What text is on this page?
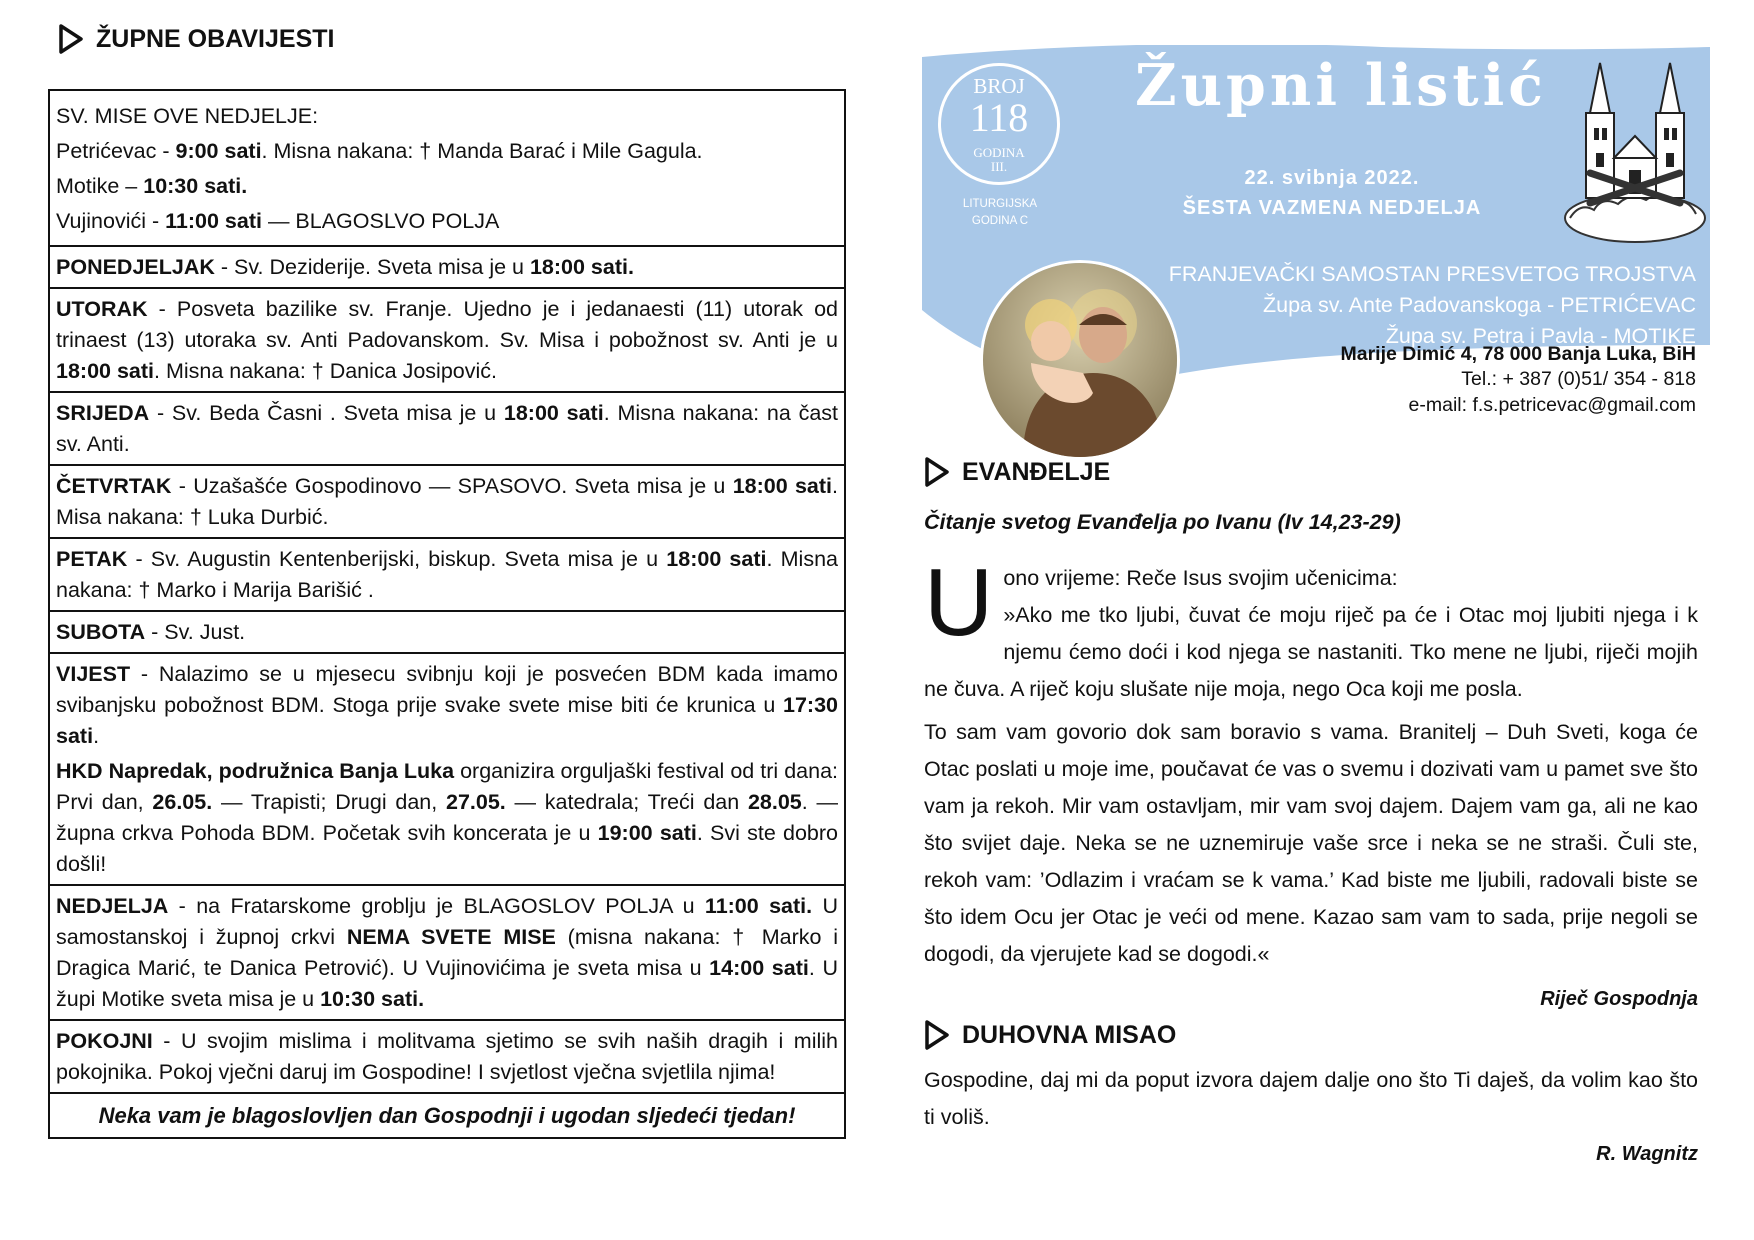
ŽUPNE OBAVIJESTI
SV. MISE OVE NEDJELJE:
Petrićevac - 9:00 sati. Misna nakana: † Manda Barać i Mile Gagula.
Motike – 10:30 sati.
Vujinovići - 11:00 sati — BLAGOSLVO POLJA
PONEDJELJAK - Sv. Deziderije. Sveta misa je u 18:00 sati.
UTORAK - Posveta bazilike sv. Franje. Ujedno je i jedanaesti (11) utorak od trinaest (13) utoraka sv. Anti Padovanskom. Sv. Misa i pobožnost sv. Anti je u 18:00 sati. Misna nakana: † Danica Josipović.
SRIJEDA - Sv. Beda Časni . Sveta misa je u 18:00 sati. Misna nakana: na čast sv. Anti.
ČETVRTAK - Uzašašće Gospodinovo — SPASOVO. Sveta misa je u 18:00 sati. Misa nakana: † Luka Durbić.
PETAK - Sv. Augustin Kentenberijski, biskup. Sveta misa je u 18:00 sati. Misna nakana: † Marko i Marija Barišić .
SUBOTA - Sv. Just.
VIJEST - Nalazimo se u mjesecu svibnju koji je posvećen BDM kada imamo svibanjsku pobožnost BDM. Stoga prije svake svete mise biti će krunica u 17:30 sati.
HKD Napredak, podružnica Banja Luka organizira orguljaški festival od tri dana: Prvi dan, 26.05. — Trapisti; Drugi dan, 27.05. — katedrala; Treći dan 28.05. — župna crkva Pohoda BDM. Početak svih koncerata je u 19:00 sati. Svi ste dobro došli!
NEDJELJA - na Fratarskome groblju je BLAGOSLOV POLJA u 11:00 sati. U samostanskoj i župnoj crkvi NEMA SVETE MISE (misna nakana: † Marko i Dragica Marić, te Danica Petrović). U Vujinovićima je sveta misa u 14:00 sati. U župi Motike sveta misa je u 10:30 sati.
POKOJNI - U svojim mislima i molitvama sjetimo se svih naših dragih i milih pokojnika. Pokoj vječni daruj im Gospodine! I svjetlost vječna svjetlila njima!
Neka vam je blagoslovljen dan Gospodnji i ugodan sljedeći tjedan!
BROJ
118
GODINA
III.
LITURGIJSKA
GODINA C
Župni listić
22. svibnja 2022.
ŠESTA VAZMENA NEDJELJA
FRANJEVAČKI SAMOSTAN PRESVETOG TROJSTVA
Župa sv. Ante Padovanskoga - PETRIĆEVAC
Župa sv. Petra i Pavla - MOTIKE
Marije Dimić 4, 78 000 Banja Luka, BiH
Tel.: + 387 (0)51/ 354 - 818
e-mail: f.s.petricevac@gmail.com
EVANĐELJE
Čitanje svetog Evanđelja po Ivanu (Iv 14,23-29)
U ono vrijeme: Reče Isus svojim učenicima:
»Ako me tko ljubi, čuvat će moju riječ pa će i Otac moj ljubiti njega i k njemu ćemo doći i kod njega se nastaniti. Tko mene ne ljubi, riječi mojih ne čuva. A riječ koju slušate nije moja, nego Oca koji me posla.
To sam vam govorio dok sam boravio s vama. Branitelj – Duh Sveti, koga će Otac poslati u moje ime, poučavat će vas o svemu i dozivati vam u pamet sve što vam ja rekoh. Mir vam ostavljam, mir vam svoj dajem. Dajem vam ga, ali ne kao što svijet daje. Neka se ne uznemiruje vaše srce i neka se ne straši. Čuli ste, rekoh vam: ’Odlazim i vraćam se k vama.’ Kad biste me ljubili, radovali biste se što idem Ocu jer Otac je veći od mene. Kazao sam vam to sada, prije negoli se dogodi, da vjerujete kad se dogodi.«
Riječ Gospodnja
DUHOVNA MISAO
Gospodine, daj mi da poput izvora dajem dalje ono što Ti daješ, da volim kao što ti voliš.
R. Wagnitz
